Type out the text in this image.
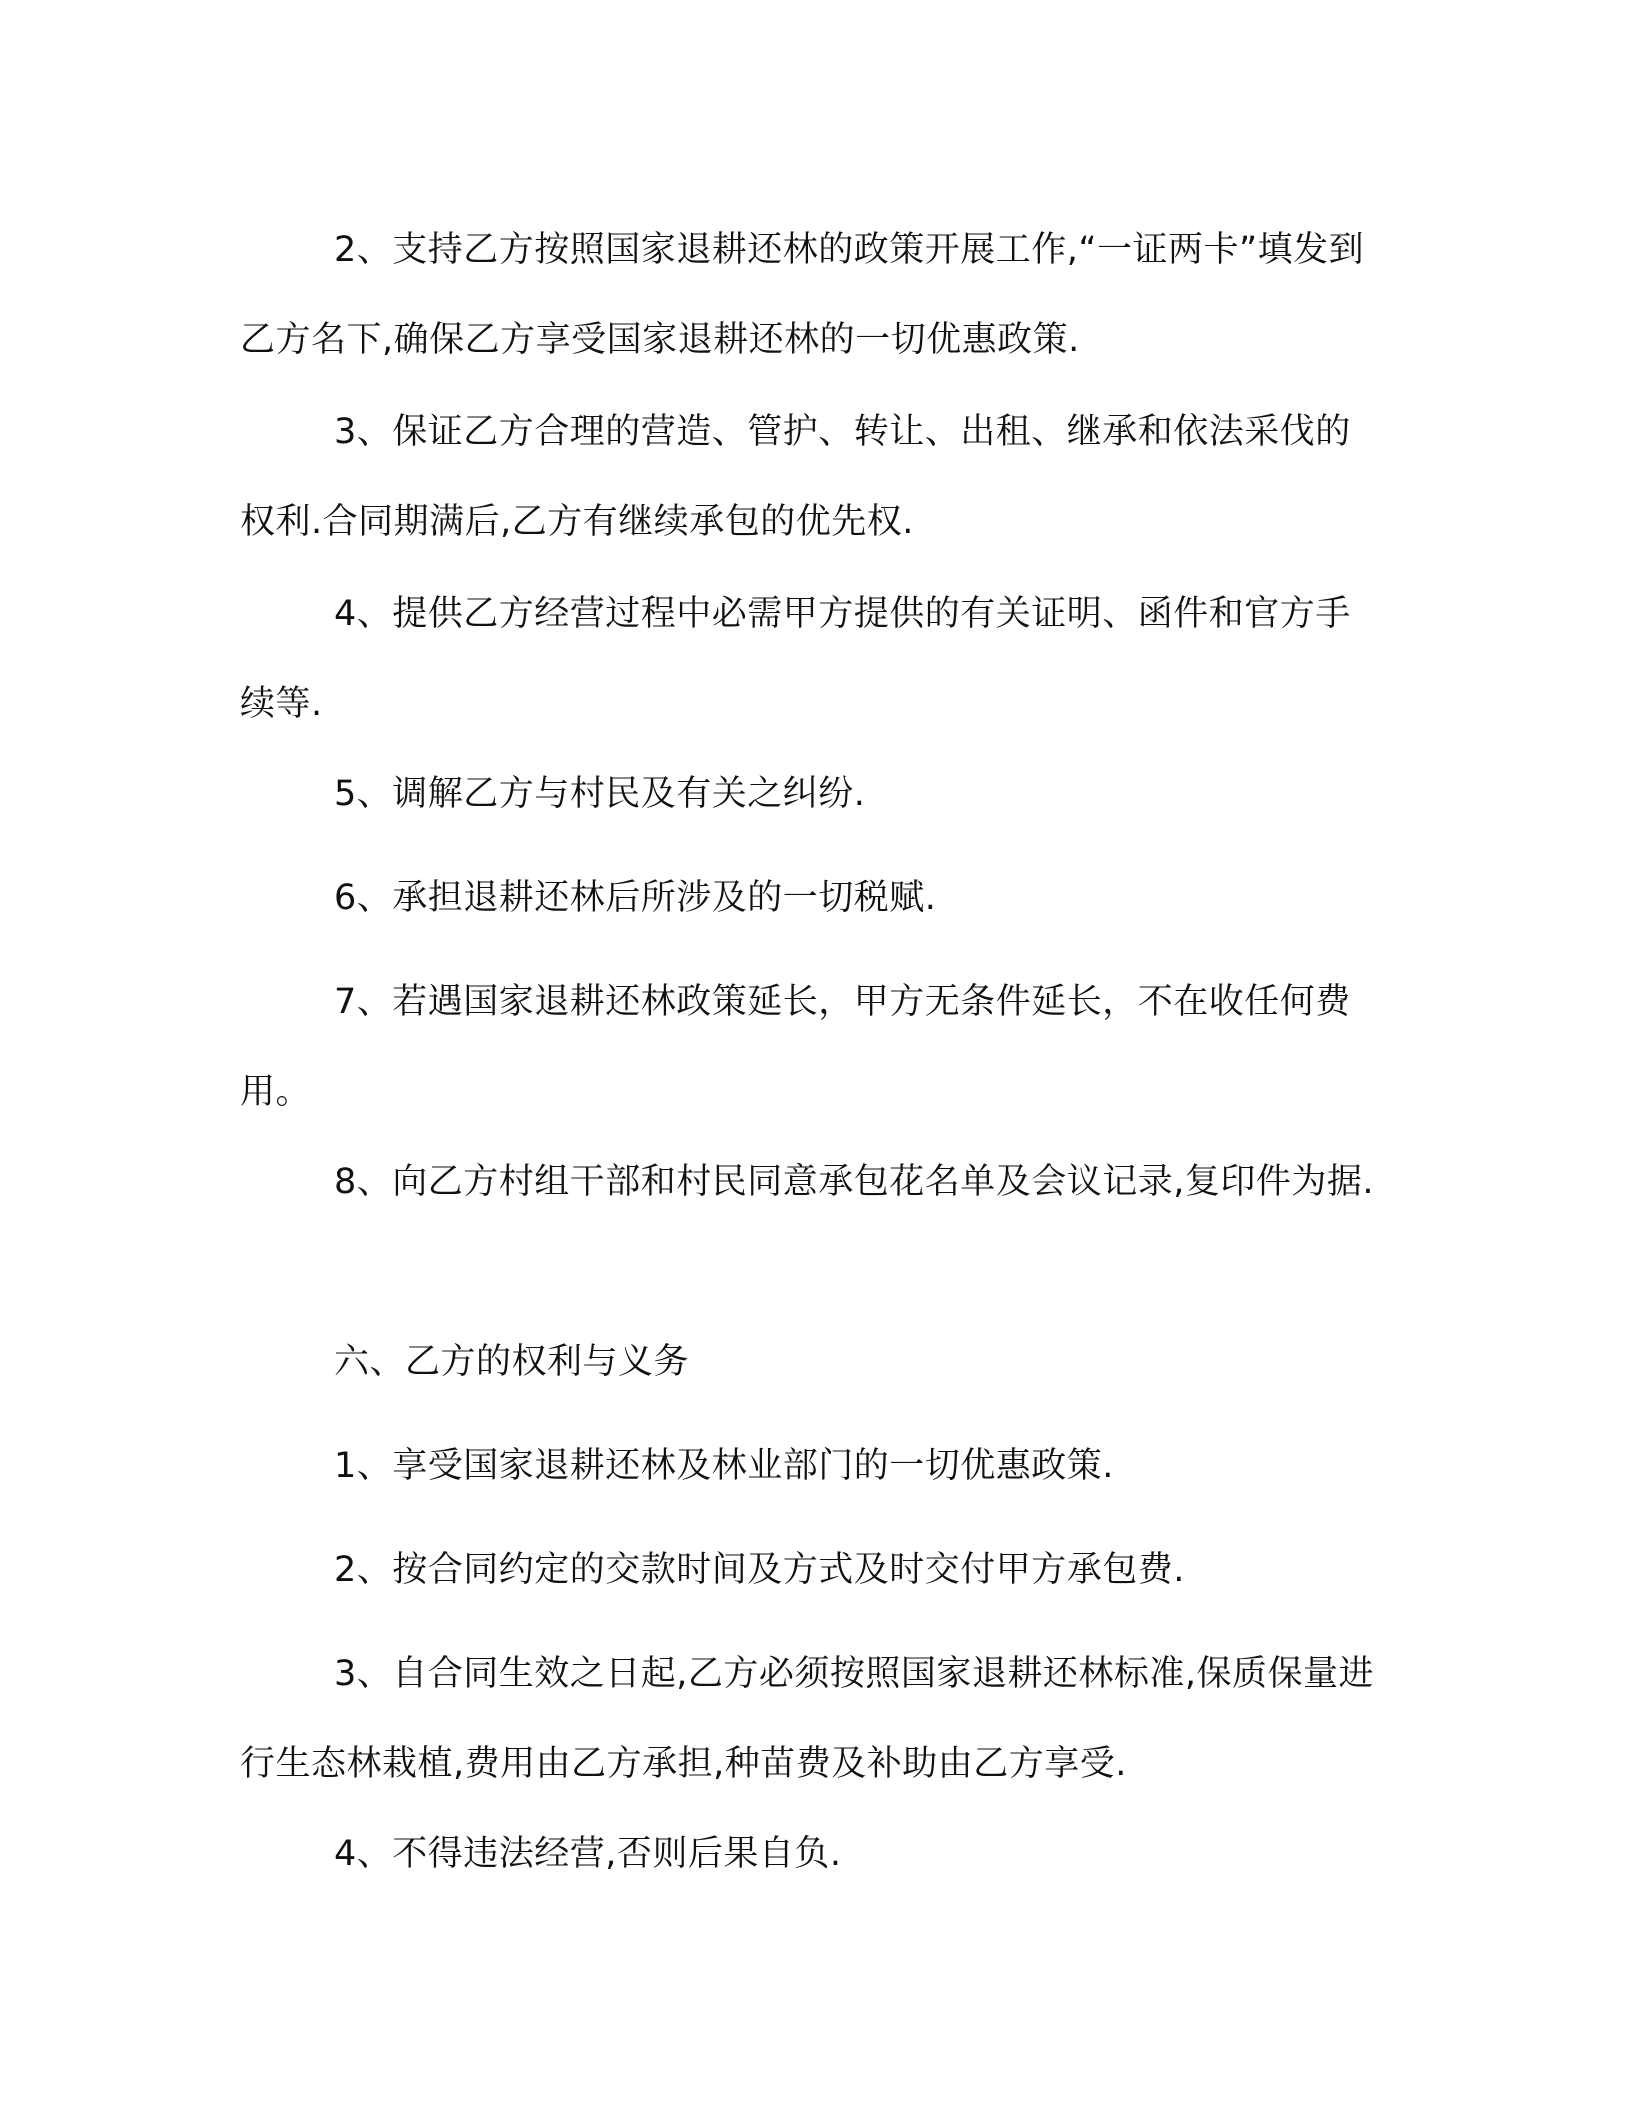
2、支持乙方按照国家退耕还林的政策开展工作,“一证两卡”填发到乙方名下,确保乙方享受国家退耕还林的一切优惠政策.

3、保证乙方合理的营造、管护、转让、出租、继承和依法采伐的权利.合同期满后,乙方有继续承包的优先权.

4、提供乙方经营过程中必需甲方提供的有关证明、函件和官方手续等.

5、调解乙方与村民及有关之纠纷.

6、承担退耕还林后所涉及的一切税赋.

7、若遇国家退耕还林政策延长，甲方无条件延长，不在收任何费用。

8、向乙方村组干部和村民同意承包花名单及会议记录,复印件为据.

六、乙方的权利与义务

1、享受国家退耕还林及林业部门的一切优惠政策.

2、按合同约定的交款时间及方式及时交付甲方承包费.

3、自合同生效之日起,乙方必须按照国家退耕还林标准,保质保量进行生态林栽植,费用由乙方承担,种苗费及补助由乙方享受.

4、不得违法经营,否则后果自负.
